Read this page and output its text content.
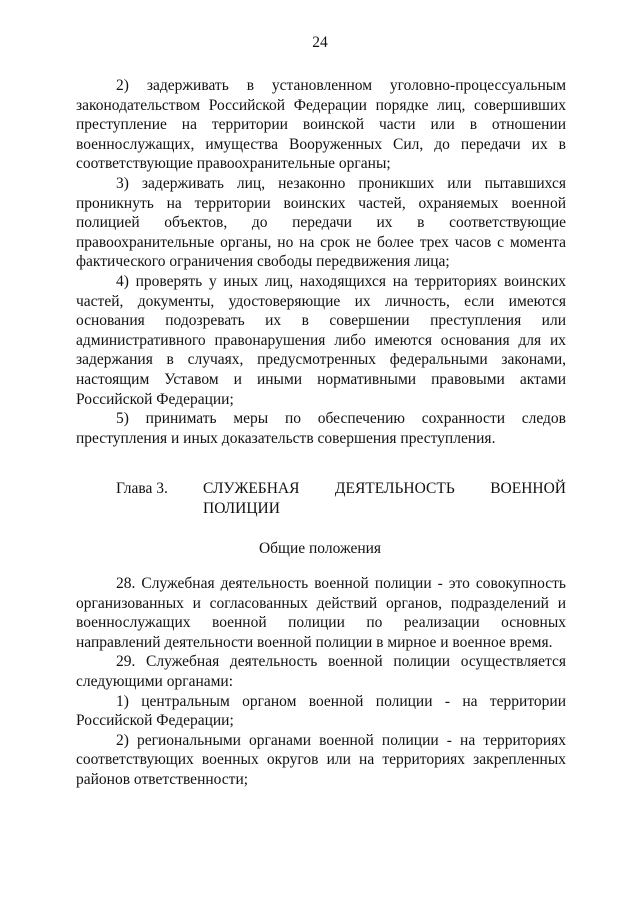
24

2) задерживать в установленном уголовно-процессуальным законодательством Российской Федерации порядке лиц, совершивших преступление на территории воинской части или в отношении военнослужащих, имущества Вооруженных Сил, до передачи их в соответствующие правоохранительные органы;

3) задерживать лиц, незаконно проникших или пытавшихся проникнуть на территории воинских частей, охраняемых военной полицией объектов, до передачи их в соответствующие правоохранительные органы, но на срок не более трех часов с момента фактического ограничения свободы передвижения лица;

4) проверять у иных лиц, находящихся на территориях воинских частей, документы, удостоверяющие их личность, если имеются основания подозревать их в совершении преступления или административного правонарушения либо имеются основания для их задержания в случаях, предусмотренных федеральными законами, настоящим Уставом и иными нормативными правовыми актами Российской Федерации;

5) принимать меры по обеспечению сохранности следов преступления и иных доказательств совершения преступления.

Глава 3.	СЛУЖЕБНАЯ ДЕЯТЕЛЬНОСТЬ ВОЕННОЙ ПОЛИЦИИ
Общие положения

28. Служебная деятельность военной полиции - это совокупность организованных и согласованных действий органов, подразделений и военнослужащих военной полиции по реализации основных направлений деятельности военной полиции в мирное и военное время.

29. Служебная деятельность военной полиции осуществляется следующими органами:

1) центральным органом военной полиции - на территории Российской Федерации;

2) региональными органами военной полиции - на территориях соответствующих военных округов или на территориях закрепленных районов ответственности;
